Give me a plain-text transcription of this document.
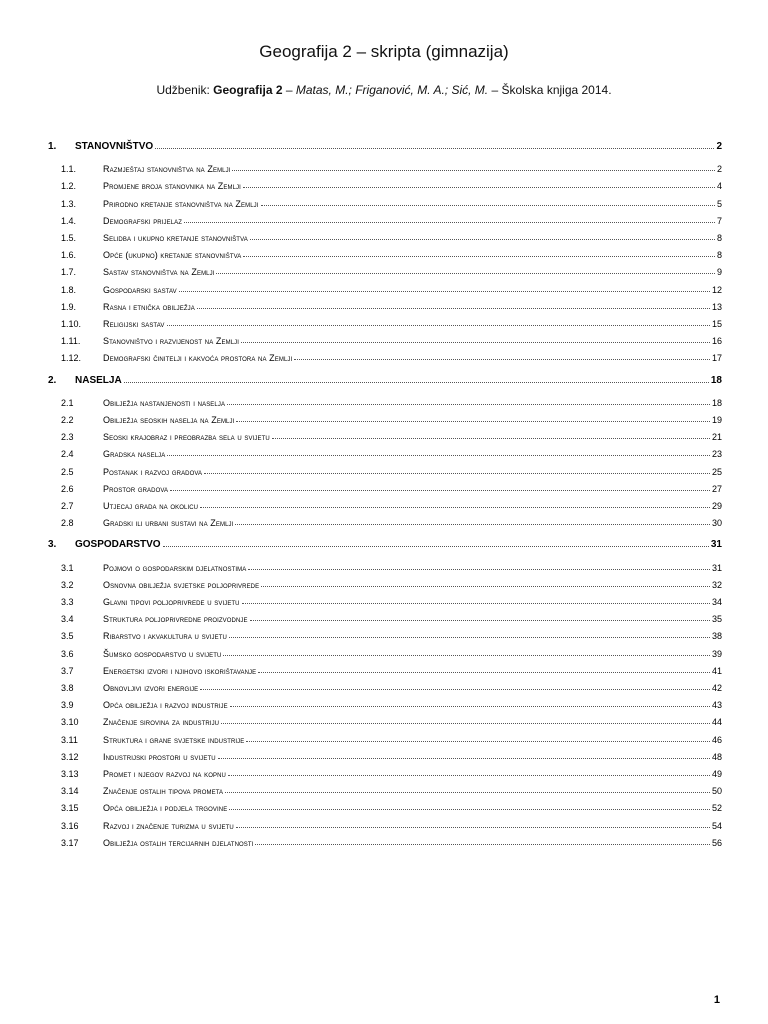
Geografija 2 – skripta (gimnazija)
Udžbenik: Geografija 2 – Matas, M.; Friganović, M. A.; Sić, M. – Školska knjiga 2014.
1.	STANOVNIŠTVO	2
1.1.	Razmještaj stanovništva na Zemlji	2
1.2.	Promjene broja stanovnika na Zemlji	4
1.3.	Prirodno kretanje stanovništva na Zemlji	5
1.4.	Demografski prijelaz	7
1.5.	Selidba i ukupno kretanje stanovništva	8
1.6.	Opće (ukupno) kretanje stanovništva	8
1.7.	Sastav stanovništva na Zemlji	9
1.8.	Gospodarski sastav	12
1.9.	Rasna i etnička obilježja	13
1.10.	Religijski sastav	15
1.11.	Stanovništvo i razvijenost na Zemlji	16
1.12.	Demografski činitelji i kakvoća prostora na Zemlji	17
2.	NASELJA	18
2.1	Obilježja nastanjenosti i naselja	18
2.2	Obilježja seoskih naselja na Zemlji	19
2.3	Seoski krajobraz i preobrazba sela u svijetu	21
2.4	Gradska naselja	23
2.5	Postanak i razvoj gradova	25
2.6	Prostor gradova	27
2.7	Utjecaj grada na okolicu	29
2.8	Gradski ili urbani sustavi na Zemlji	30
3.	GOSPODARSTVO	31
3.1	Pojmovi o gospodarskim djelatnostima	31
3.2	Osnovna obilježja svjetske poljoprivrede	32
3.3	Glavni tipovi poljoprivrede u svijetu	34
3.4	Struktura poljoprivredne proizvodnje	35
3.5	Ribarstvo i akvakultura u svijetu	38
3.6	Šumsko gospodarstvo u svijetu	39
3.7	Energetski izvori i njihovo iskorištavanje	41
3.8	Obnovljivi izvori energije	42
3.9	Opća obilježja i razvoj industrije	43
3.10	Značenje sirovina za industriju	44
3.11	Struktura i grane svjetske industrije	46
3.12	Industrijski prostori u svijetu	48
3.13	Promet i njegov razvoj na kopnu	49
3.14	Značenje ostalih tipova prometa	50
3.15	Opća obilježja i podjela trgovine	52
3.16	Razvoj i značenje turizma u svijetu	54
3.17	Obilježja ostalih tercijarnih djelatnosti	56
1
